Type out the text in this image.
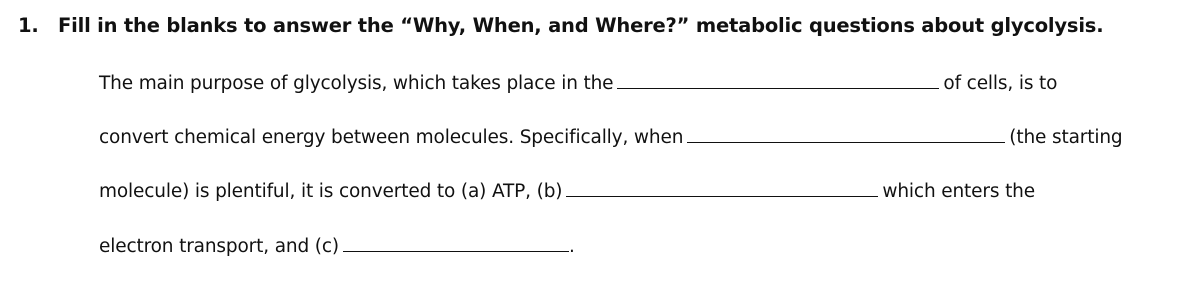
1. Fill in the blanks to answer the “Why, When, and Where?” metabolic questions about glycolysis.
The main purpose of glycolysis, which takes place in the	of cells, is to
convert chemical energy between molecules. Specifically, when	(the starting
molecule) is plentiful, it is converted to (a) ATP, (b)	which enters the
electron transport, and (c)	.
